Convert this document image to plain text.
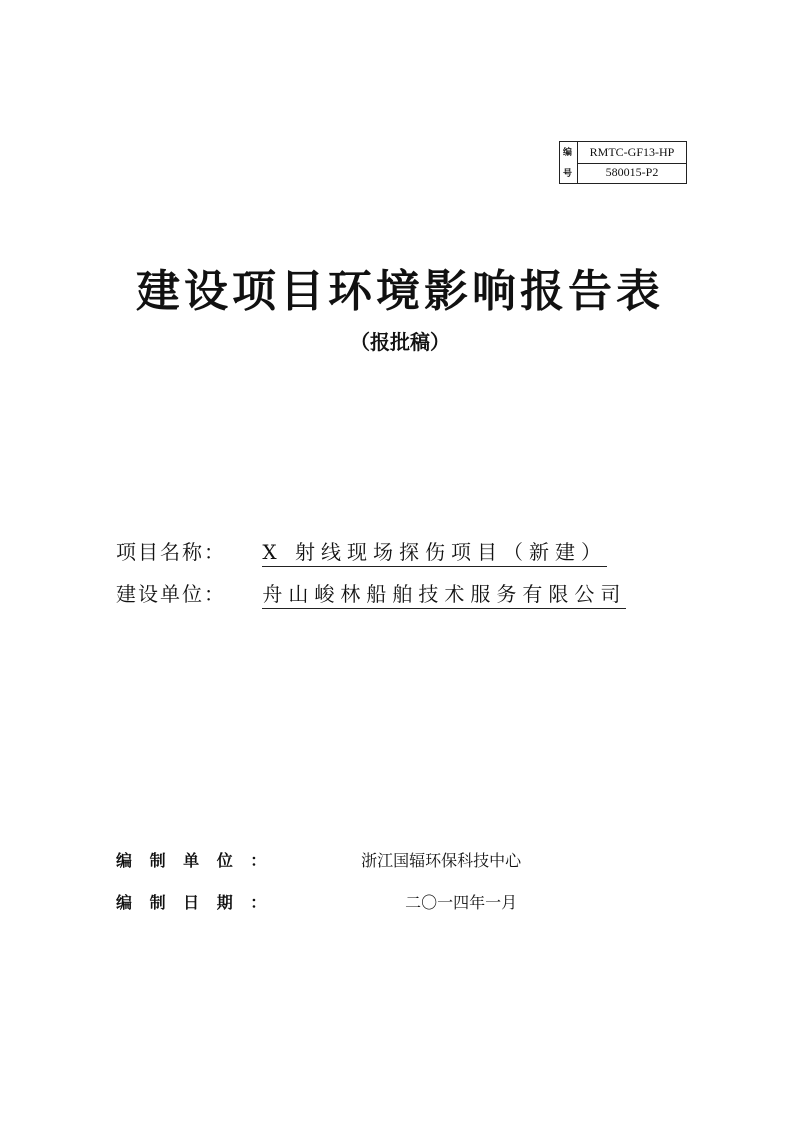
编
号
RMTC-GF13-HP
580015-P2
建设项目环境影响报告表
（报批稿）
项目名称： X 射线现场探伤项目（新建）
建设单位： 舟山峻林船舶技术服务有限公司
编 制 单 位 ：	浙江国辐环保科技中心
编 制 日 期 ：	二〇一四年一月
